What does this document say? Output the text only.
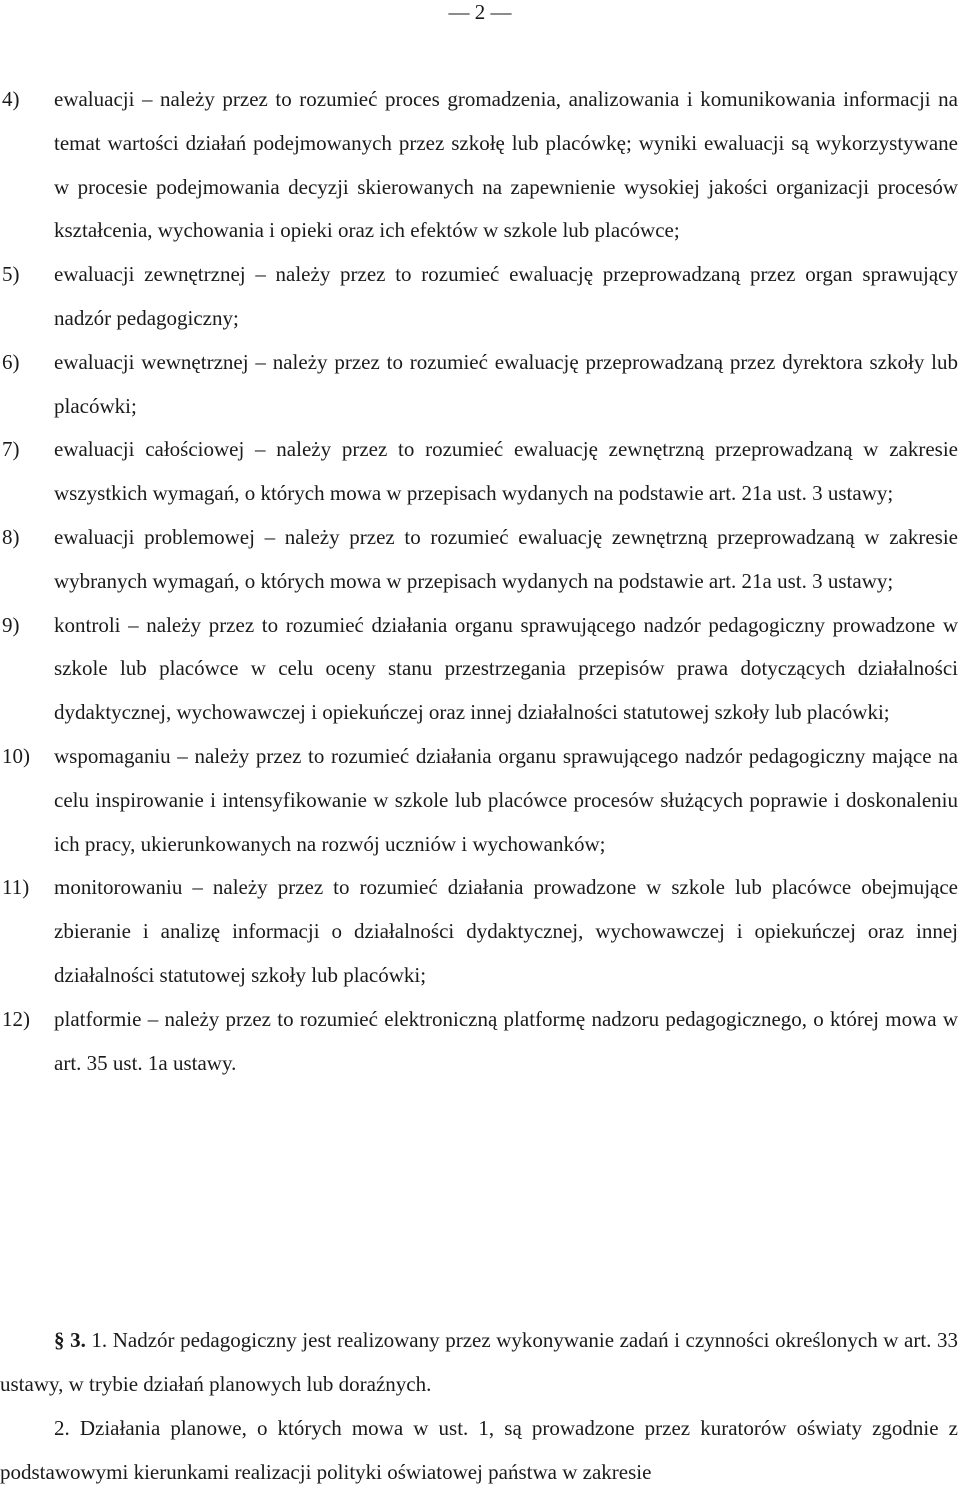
— 2 —
4) ewaluacji – należy przez to rozumieć proces gromadzenia, analizowania i komunikowania informacji na temat wartości działań podejmowanych przez szkołę lub placówkę; wyniki ewaluacji są wykorzystywane w procesie podejmowania decyzji skierowanych na zapewnienie wysokiej jakości organizacji procesów kształcenia, wychowania i opieki oraz ich efektów w szkole lub placówce;
5) ewaluacji zewnętrznej – należy przez to rozumieć ewaluację przeprowadzaną przez organ sprawujący nadzór pedagogiczny;
6) ewaluacji wewnętrznej – należy przez to rozumieć ewaluację przeprowadzaną przez dyrektora szkoły lub placówki;
7) ewaluacji całościowej – należy przez to rozumieć ewaluację zewnętrzną przeprowadzaną w zakresie wszystkich wymagań, o których mowa w przepisach wydanych na podstawie art. 21a ust. 3 ustawy;
8) ewaluacji problemowej – należy przez to rozumieć ewaluację zewnętrzną przeprowadzaną w zakresie wybranych wymagań, o których mowa w przepisach wydanych na podstawie art. 21a ust. 3 ustawy;
9) kontroli – należy przez to rozumieć działania organu sprawującego nadzór pedagogiczny prowadzone w szkole lub placówce w celu oceny stanu przestrzegania przepisów prawa dotyczących działalności dydaktycznej, wychowawczej i opiekuńczej oraz innej działalności statutowej szkoły lub placówki;
10) wspomaganiu – należy przez to rozumieć działania organu sprawującego nadzór pedagogiczny mające na celu inspirowanie i intensyfikowanie w szkole lub placówce procesów służących poprawie i doskonaleniu ich pracy, ukierunkowanych na rozwój uczniów i wychowanków;
11) monitorowaniu – należy przez to rozumieć działania prowadzone w szkole lub placówce obejmujące zbieranie i analizę informacji o działalności dydaktycznej, wychowawczej i opiekuńczej oraz innej działalności statutowej szkoły lub placówki;
12) platformie – należy przez to rozumieć elektroniczną platformę nadzoru pedagogicznego, o której mowa w art. 35 ust. 1a ustawy.
§ 3. 1. Nadzór pedagogiczny jest realizowany przez wykonywanie zadań i czynności określonych w art. 33 ustawy, w trybie działań planowych lub doraźnych.
2. Działania planowe, o których mowa w ust. 1, są prowadzone przez kuratorów oświaty zgodnie z podstawowymi kierunkami realizacji polityki oświatowej państwa w zakresie
